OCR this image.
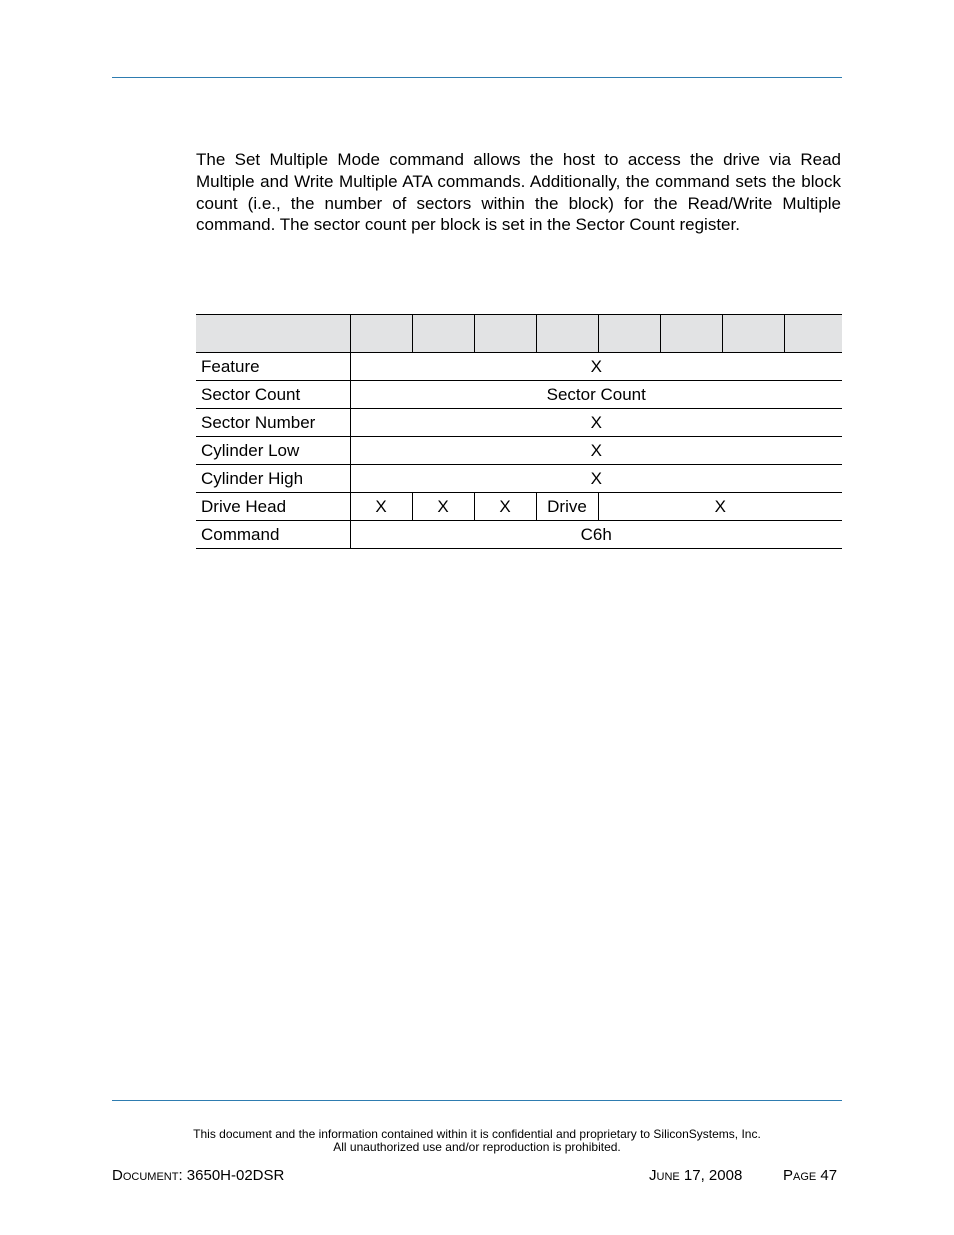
The Set Multiple Mode command allows the host to access the drive via Read Multiple and Write Multiple ATA commands. Additionally, the command sets the block count (i.e., the number of sectors within the block) for the Read/Write Multiple command. The sector count per block is set in the Sector Count register.

Feature	X							
Sector Count	Sector Count							
Sector Number	X							
Cylinder Low	X							
Cylinder High	X							
Drive Head	X	X	X	Drive	X			
Command	C6h							
This document and the information contained within it is confidential and proprietary to SiliconSystems, Inc.
All unauthorized use and/or reproduction is prohibited.
Document: 3650H-02DSR	June 17, 2008	Page 47
